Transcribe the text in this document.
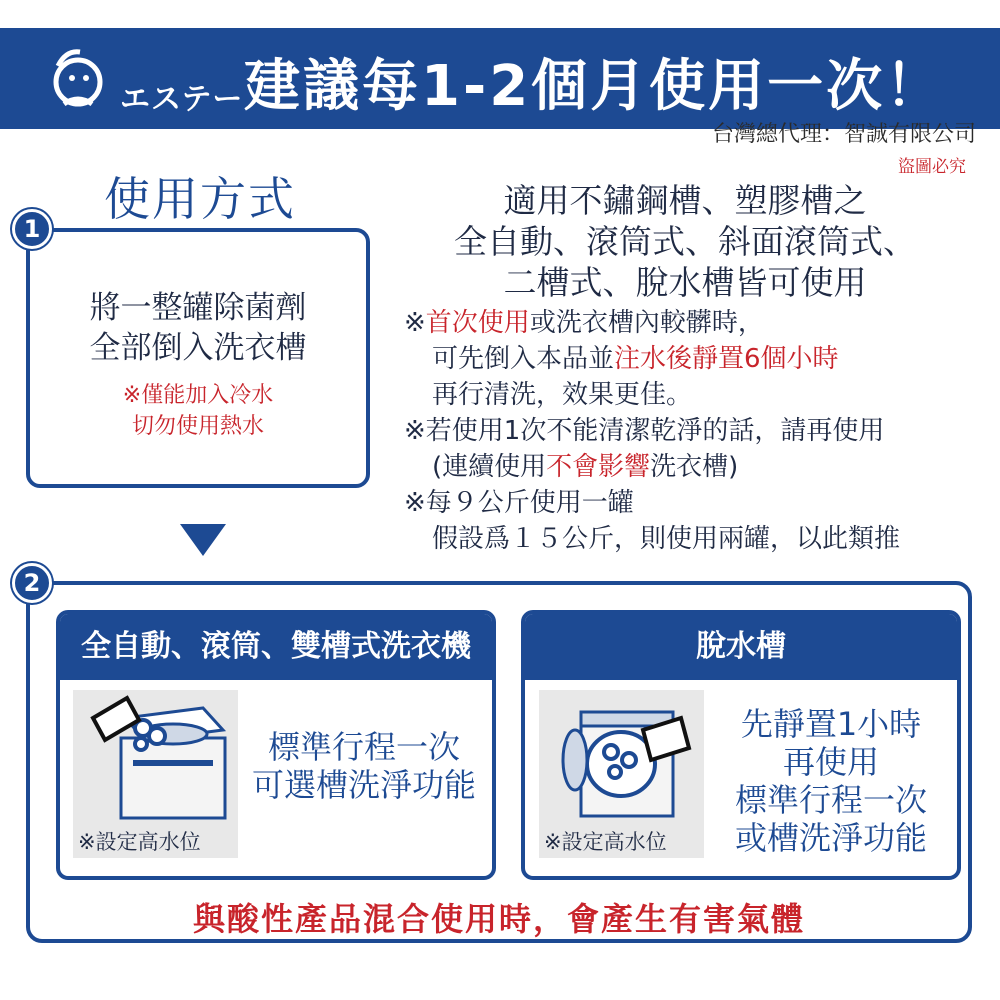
エステー 建議每1-2個月使用一次！
台灣總代理：智誠有限公司
盜圖必究
使用方式
1
將一整罐除菌劑
全部倒入洗衣槽
※僅能加入冷水
切勿使用熱水
適用不鏽鋼槽、塑膠槽之
全自動、滾筒式、斜面滾筒式、
二槽式、脫水槽皆可使用
※首次使用或洗衣槽內較髒時，
可先倒入本品並注水後靜置6個小時
再行清洗，效果更佳。
※若使用1次不能清潔乾淨的話，請再使用
(連續使用不會影響洗衣槽)
※每９公斤使用一罐
假設爲１５公斤，則使用兩罐，以此類推
2
全自動、滾筒、雙槽式洗衣機
※設定高水位
標準行程一次
可選槽洗淨功能
脫水槽
※設定高水位
先靜置1小時
再使用
標準行程一次
或槽洗淨功能
與酸性產品混合使用時，會產生有害氣體
